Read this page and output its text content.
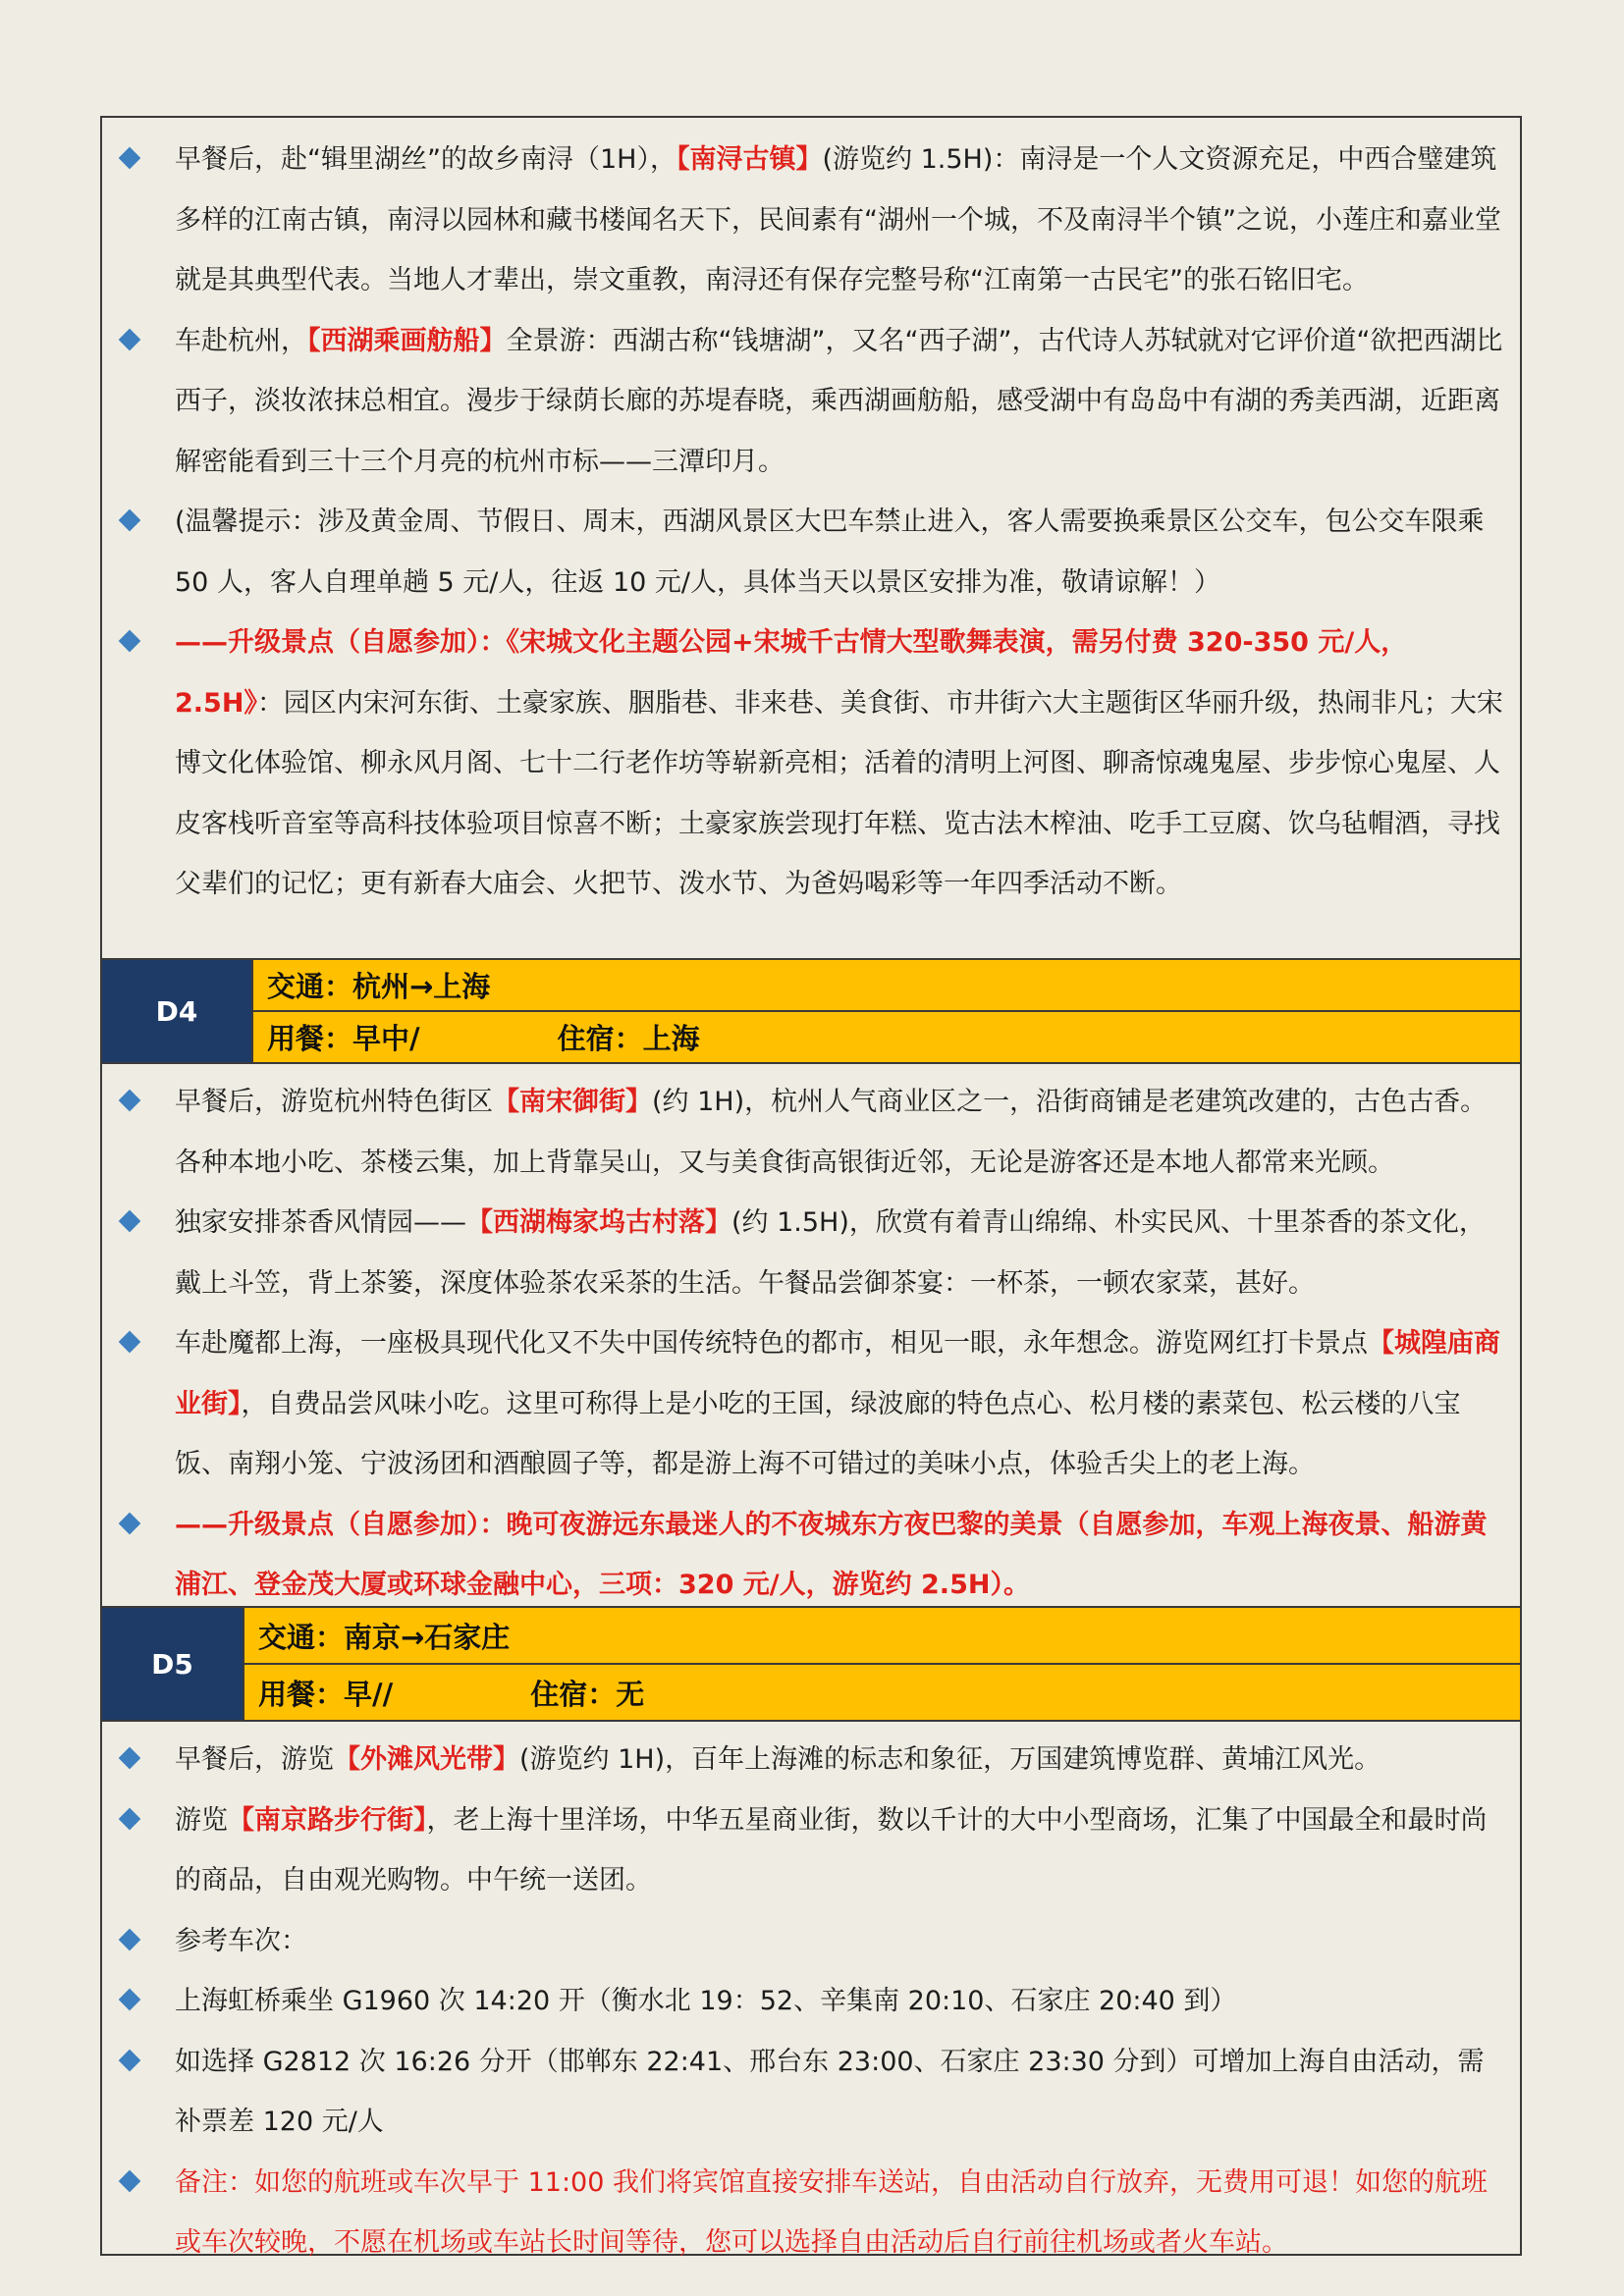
早餐后，赴“辑里湖丝”的故乡南浔（1H），【南浔古镇】(游览约 1.5H)：南浔是一个人文资源充足，中西合璧建筑多样的江南古镇，南浔以园林和藏书楼闻名天下，民间素有“湖州一个城，不及南浔半个镇”之说，小莲庄和嘉业堂就是其典型代表。当地人才辈出，崇文重教，南浔还有保存完整号称“江南第一古民宅”的张石铭旧宅。
车赴杭州，【西湖乘画舫船】全景游：西湖古称“钱塘湖”，又名“西子湖”，古代诗人苏轼就对它评价道“欲把西湖比西子，淡妆浓抹总相宜。漫步于绿荫长廊的苏堤春晓，乘西湖画舫船，感受湖中有岛岛中有湖的秀美西湖，近距离解密能看到三十三个月亮的杭州市标——三潭印月。
(温馨提示：涉及黄金周、节假日、周末，西湖风景区大巴车禁止进入，客人需要换乘景区公交车，包公交车限乘 50 人，客人自理单趟 5 元/人，往返 10 元/人，具体当天以景区安排为准，敬请谅解！）
——升级景点（自愿参加）：《宋城文化主题公园+宋城千古情大型歌舞表演，需另付费 320-350 元/人，2.5H》：园区内宋河东街、土豪家族、胭脂巷、非来巷、美食街、市井街六大主题街区华丽升级，热闹非凡；大宋博文化体验馆、柳永风月阁、七十二行老作坊等崭新亮相；活着的清明上河图、聊斋惊魂鬼屋、步步惊心鬼屋、人皮客栈听音室等高科技体验项目惊喜不断；土豪家族尝现打年糕、览古法木榨油、吃手工豆腐、饮乌毡帽酒，寻找父辈们的记忆；更有新春大庙会、火把节、泼水节、为爸妈喝彩等一年四季活动不断。
D4
交通：杭州→上海
用餐：早中/	住宿：上海
早餐后，游览杭州特色街区【南宋御街】(约 1H)，杭州人气商业区之一，沿街商铺是老建筑改建的，古色古香。各种本地小吃、茶楼云集，加上背靠吴山，又与美食街高银街近邻，无论是游客还是本地人都常来光顾。
独家安排茶香风情园——【西湖梅家坞古村落】(约 1.5H)，欣赏有着青山绵绵、朴实民风、十里茶香的茶文化，戴上斗笠，背上茶篓，深度体验茶农采茶的生活。午餐品尝御茶宴：一杯茶，一顿农家菜，甚好。
车赴魔都上海，一座极具现代化又不失中国传统特色的都市，相见一眼，永年想念。游览网红打卡景点【城隍庙商业街】，自费品尝风味小吃。这里可称得上是小吃的王国，绿波廊的特色点心、松月楼的素菜包、松云楼的八宝饭、南翔小笼、宁波汤团和酒酿圆子等，都是游上海不可错过的美味小点，体验舌尖上的老上海。
——升级景点（自愿参加）：晚可夜游远东最迷人的不夜城东方夜巴黎的美景（自愿参加，车观上海夜景、船游黄浦江、登金茂大厦或环球金融中心，三项：320 元/人，游览约 2.5H）。
D5
交通：南京→石家庄
用餐：早//	住宿：无
早餐后，游览【外滩风光带】(游览约 1H)，百年上海滩的标志和象征，万国建筑博览群、黄埔江风光。
游览【南京路步行街】，老上海十里洋场，中华五星商业街，数以千计的大中小型商场，汇集了中国最全和最时尚的商品，自由观光购物。中午统一送团。
参考车次：
上海虹桥乘坐 G1960 次 14:20 开（衡水北 19：52、辛集南 20:10、石家庄 20:40 到）
如选择 G2812 次 16:26 分开（邯郸东 22:41、邢台东 23:00、石家庄 23:30 分到）可增加上海自由活动，需补票差 120 元/人
备注：如您的航班或车次早于 11:00 我们将宾馆直接安排车送站，自由活动自行放弃，无费用可退！如您的航班或车次较晚，不愿在机场或车站长时间等待，您可以选择自由活动后自行前往机场或者火车站。
